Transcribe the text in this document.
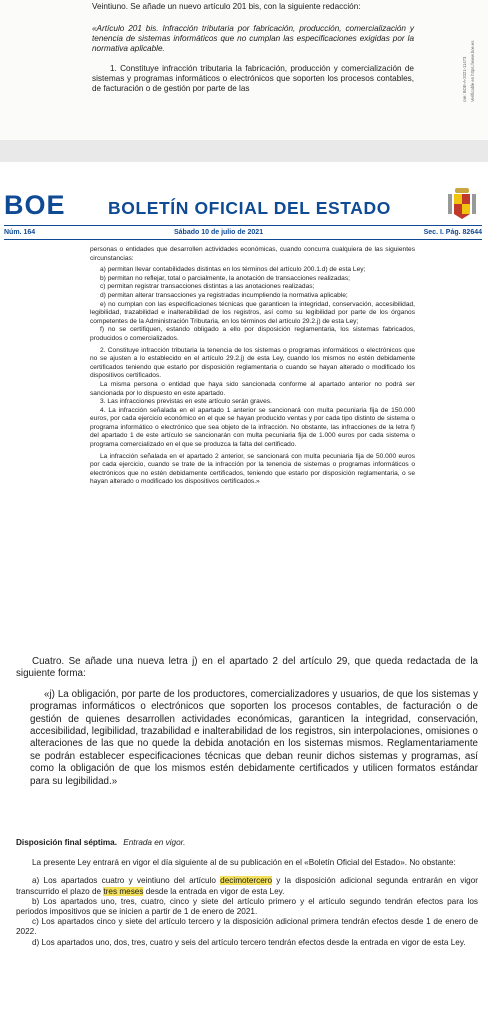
Veintiuno. Se añade un nuevo artículo 201 bis, con la siguiente redacción:

«Artículo 201 bis. Infracción tributaria por fabricación, producción, comercialización y tenencia de sistemas informáticos que no cumplan las especificaciones exigidas por la normativa aplicable.

1. Constituye infracción tributaria la fabricación, producción y comercialización de sistemas y programas informáticos o electrónicos que soporten los procesos contables, de facturación o de gestión por parte de las	cve: BOE-A-2021-11473 Verificable en https://www.boe.es
BOE BOLETÍN OFICIAL DEL ESTADO
Núm. 164	Sábado 10 de julio de 2021	Sec. I. Pág. 82644

personas o entidades que desarrollen actividades económicas, cuando concurra cualquiera de las siguientes circunstancias:

a) permitan llevar contabilidades distintas en los términos del artículo 200.1.d) de esta Ley;

b) permitan no reflejar, total o parcialmente, la anotación de transacciones realizadas;

c) permitan registrar transacciones distintas a las anotaciones realizadas;

d) permitan alterar transacciones ya registradas incumpliendo la normativa aplicable;

e) no cumplan con las especificaciones técnicas que garanticen la integridad, conservación, accesibilidad, legibilidad, trazabilidad e inalterabilidad de los registros, así como su legibilidad por parte de los órganos competentes de la Administración Tributaria, en los términos del artículo 29.2.j) de esta Ley;

f) no se certifiquen, estando obligado a ello por disposición reglamentaria, los sistemas fabricados, producidos o comercializados.

2. Constituye infracción tributaria la tenencia de los sistemas o programas informáticos o electrónicos que no se ajusten a lo establecido en el artículo 29.2.j) de esta Ley, cuando los mismos no estén debidamente certificados teniendo que estarlo por disposición reglamentaria o cuando se hayan alterado o modificado los dispositivos certificados.

La misma persona o entidad que haya sido sancionada conforme al apartado anterior no podrá ser sancionada por lo dispuesto en este apartado.

3. Las infracciones previstas en este artículo serán graves.

4. La infracción señalada en el apartado 1 anterior se sancionará con multa pecuniaria fija de 150.000 euros, por cada ejercicio económico en el que se hayan producido ventas y por cada tipo distinto de sistema o programa informático o electrónico que sea objeto de la infracción. No obstante, las infracciones de la letra f) del apartado 1 de este artículo se sancionarán con multa pecuniaria fija de 1.000 euros por cada sistema o programa comercializado en el que se produzca la falta del certificado.

La infracción señalada en el apartado 2 anterior, se sancionará con multa pecuniaria fija de 50.000 euros por cada ejercicio, cuando se trate de la infracción por la tenencia de sistemas o programas informáticos o electrónicos que no estén debidamente certificados, teniendo que estarlo por disposición reglamentaria, o se hayan alterado o modificado los dispositivos certificados.»

Cuatro. Se añade una nueva letra j) en el apartado 2 del artículo 29, que queda redactada de la siguiente forma:

«j) La obligación, por parte de los productores, comercializadores y usuarios, de que los sistemas y programas informáticos o electrónicos que soporten los procesos contables, de facturación o de gestión de quienes desarrollen actividades económicas, garanticen la integridad, conservación, accesibilidad, legibilidad, trazabilidad e inalterabilidad de los registros, sin interpolaciones, omisiones o alteraciones de las que no quede la debida anotación en los sistemas mismos. Reglamentariamente se podrán establecer especificaciones técnicas que deban reunir dichos sistemas y programas, así como la obligación de que los mismos estén debidamente certificados y utilicen formatos estándar para su legibilidad.»

Disposición final séptima. Entrada en vigor.

La presente Ley entrará en vigor el día siguiente al de su publicación en el «Boletín Oficial del Estado». No obstante:

a) Los apartados cuatro y veintiuno del artículo decimotercero y la disposición adicional segunda entrarán en vigor transcurrido el plazo de tres meses desde la entrada en vigor de esta Ley.

b) Los apartados uno, tres, cuatro, cinco y siete del artículo primero y el artículo segundo tendrán efectos para los periodos impositivos que se inicien a partir de 1 de enero de 2021.

c) Los apartados cinco y siete del artículo tercero y la disposición adicional primera tendrán efectos desde 1 de enero de 2022.

d) Los apartados uno, dos, tres, cuatro y seis del artículo tercero tendrán efectos desde la entrada en vigor de esta Ley.
